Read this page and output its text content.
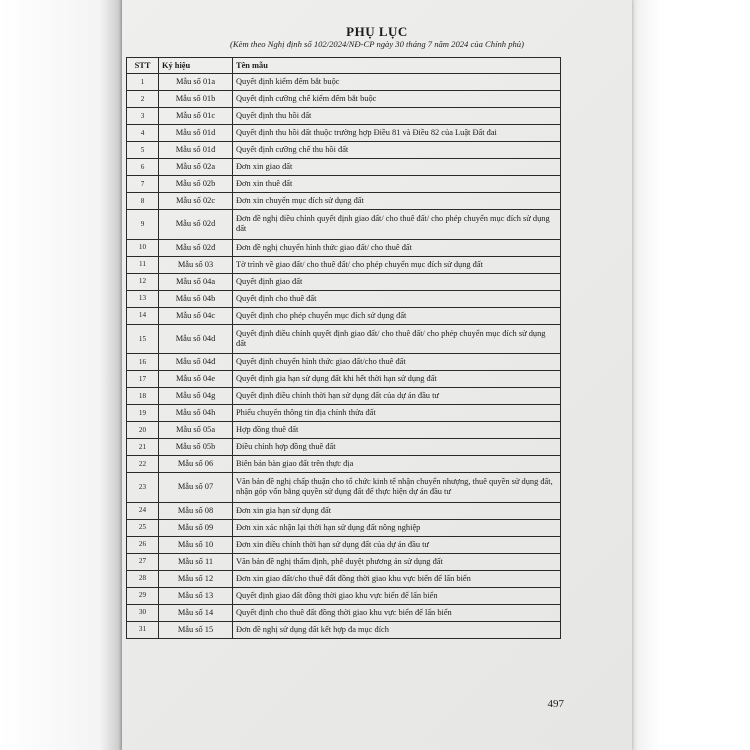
PHỤ LỤC
(Kèm theo Nghị định số 102/2024/NĐ-CP ngày 30 tháng 7 năm 2024 của Chính phủ)
STT	Ký hiệu	Tên mẫu
1	Mẫu số 01a	Quyết định kiểm đếm bắt buộc
2	Mẫu số 01b	Quyết định cưỡng chế kiểm đếm bắt buộc
3	Mẫu số 01c	Quyết định thu hồi đất
4	Mẫu số 01d	Quyết định thu hồi đất thuộc trường hợp Điều 81 và Điều 82 của Luật Đất đai
5	Mẫu số 01đ	Quyết định cưỡng chế thu hồi đất
6	Mẫu số 02a	Đơn xin giao đất
7	Mẫu số 02b	Đơn xin thuê đất
8	Mẫu số 02c	Đơn xin chuyển mục đích sử dụng đất
9	Mẫu số 02d	Đơn đề nghị điều chỉnh quyết định giao đất/ cho thuê đất/ cho phép chuyển mục đích sử dụng đất
10	Mẫu số 02đ	Đơn đề nghị chuyển hình thức giao đất/ cho thuê đất
11	Mẫu số 03	Tờ trình về giao đất/ cho thuê đất/ cho phép chuyển mục đích sử dụng đất
12	Mẫu số 04a	Quyết định giao đất
13	Mẫu số 04b	Quyết định cho thuê đất
14	Mẫu số 04c	Quyết định cho phép chuyển mục đích sử dụng đất
15	Mẫu số 04d	Quyết định điều chỉnh quyết định giao đất/ cho thuê đất/ cho phép chuyển mục đích sử dụng đất
16	Mẫu số 04đ	Quyết định chuyển hình thức giao đất/cho thuê đất
17	Mẫu số 04e	Quyết định gia hạn sử dụng đất khi hết thời hạn sử dụng đất
18	Mẫu số 04g	Quyết định điều chỉnh thời hạn sử dụng đất của dự án đầu tư
19	Mẫu số 04h	Phiếu chuyển thông tin địa chính thửa đất
20	Mẫu số 05a	Hợp đồng thuê đất
21	Mẫu số 05b	Điều chỉnh hợp đồng thuê đất
22	Mẫu số 06	Biên bản bàn giao đất trên thực địa
23	Mẫu số 07	Văn bản đề nghị chấp thuận cho tổ chức kinh tế nhận chuyển nhượng, thuê quyền sử dụng đất, nhận góp vốn bằng quyền sử dụng đất để thực hiện dự án đầu tư
24	Mẫu số 08	Đơn xin gia hạn sử dụng đất
25	Mẫu số 09	Đơn xin xác nhận lại thời hạn sử dụng đất nông nghiệp
26	Mẫu số 10	Đơn xin điều chỉnh thời hạn sử dụng đất của dự án đầu tư
27	Mẫu số 11	Văn bản đề nghị thẩm định, phê duyệt phương án sử dụng đất
28	Mẫu số 12	Đơn xin giao đất/cho thuê đất đồng thời giao khu vực biển để lấn biển
29	Mẫu số 13	Quyết định giao đất đồng thời giao khu vực biển để lấn biển
30	Mẫu số 14	Quyết định cho thuê đất đồng thời giao khu vực biển để lấn biển
31	Mẫu số 15	Đơn đề nghị sử dụng đất kết hợp đa mục đích
497
